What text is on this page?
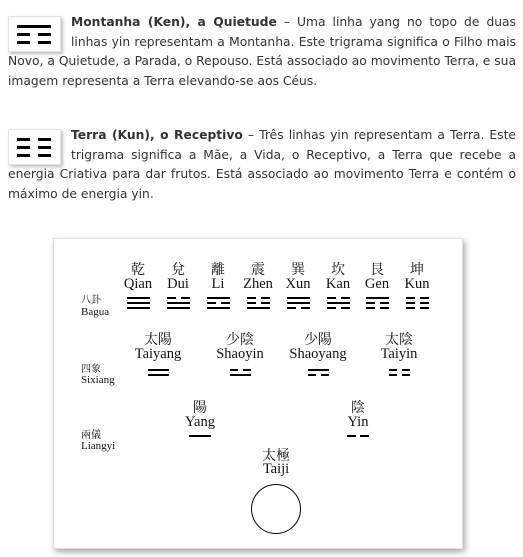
Montanha (Ken), a Quietude – Uma linha yang no topo de duas linhas yin representam a Montanha. Este trigrama significa o Filho mais Novo, a Quietude, a Parada, o Repouso. Está associado ao movimento Terra, e sua imagem representa a Terra elevando-se aos Céus.
Terra (Kun), o Receptivo – Três linhas yin representam a Terra. Este trigrama significa a Mãe, a Vida, o Receptivo, a Terra que recebe a energia Criativa para dar frutos. Está associado ao movimento Terra e contém o máximo de energia yin.
八卦
Bagua
四象
Sixiang
兩儀
Liangyi
太極
Taiji
乾
Qian
兌
Dui
離
Li
震
Zhen
巽
Xun
坎
Kan
艮
Gen
坤
Kun
太陽
Taiyang
少陰
Shaoyin
少陽
Shaoyang
太陰
Taiyin
陽
Yang
陰
Yin
